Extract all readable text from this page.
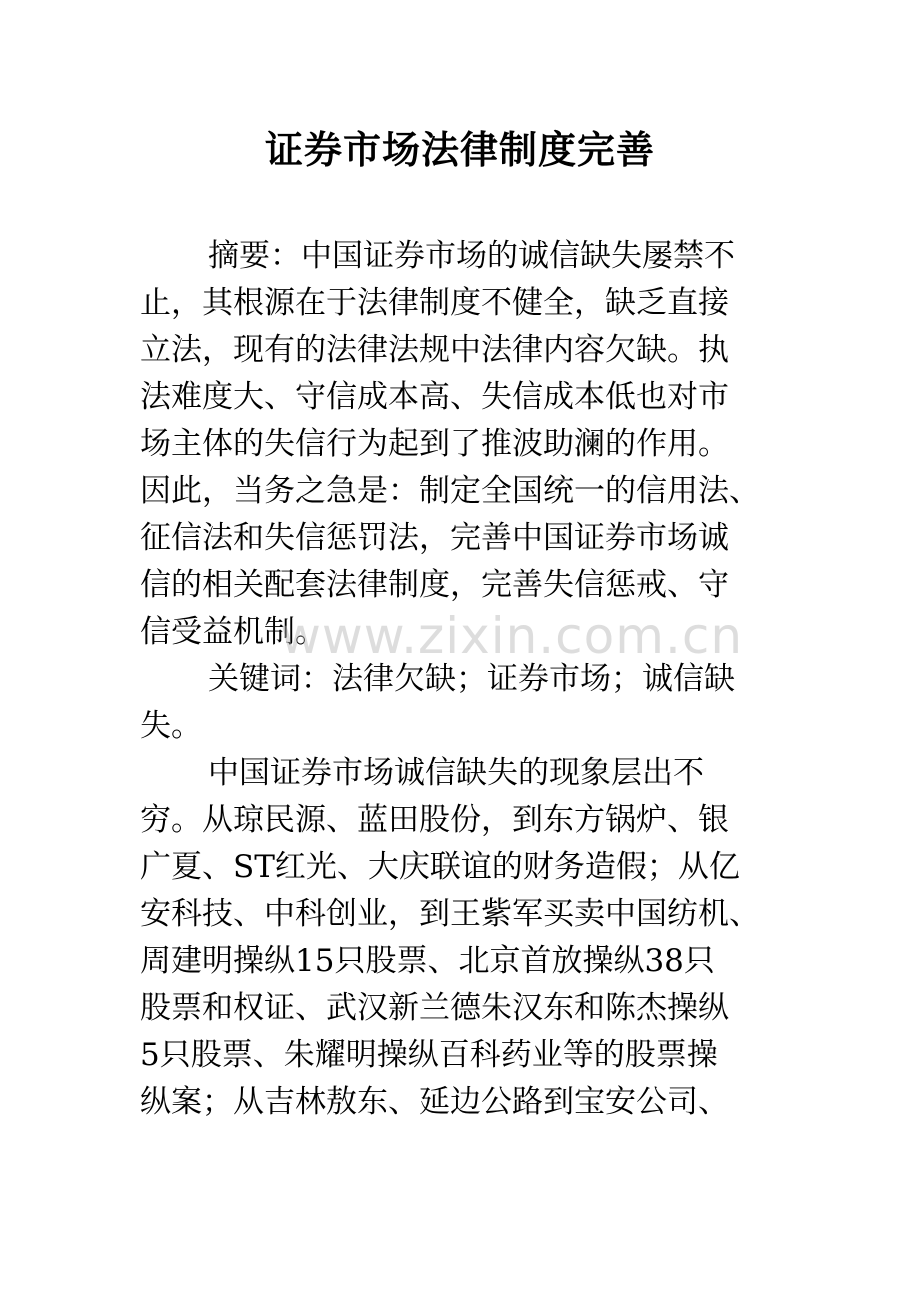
证券市场法律制度完善
摘要：中国证券市场的诚信缺失屡禁不
止，其根源在于法律制度不健全，缺乏直接
立法，现有的法律法规中法律内容欠缺。执
法难度大、守信成本高、失信成本低也对市
场主体的失信行为起到了推波助澜的作用。
因此，当务之急是：制定全国统一的信用法、
征信法和失信惩罚法，完善中国证券市场诚
信的相关配套法律制度，完善失信惩戒、守
信受益机制。
关键词：法律欠缺；证券市场；诚信缺
失。
中国证券市场诚信缺失的现象层出不
穷。从琼民源、蓝田股份，到东方锅炉、银
广夏、ST红光、大庆联谊的财务造假；从亿
安科技、中科创业，到王紫军买卖中国纺机、
周建明操纵15只股票、北京首放操纵38只
股票和权证、武汉新兰德朱汉东和陈杰操纵
5只股票、朱耀明操纵百科药业等的股票操
纵案；从吉林敖东、延边公路到宝安公司、
www.zixin.com.cn
